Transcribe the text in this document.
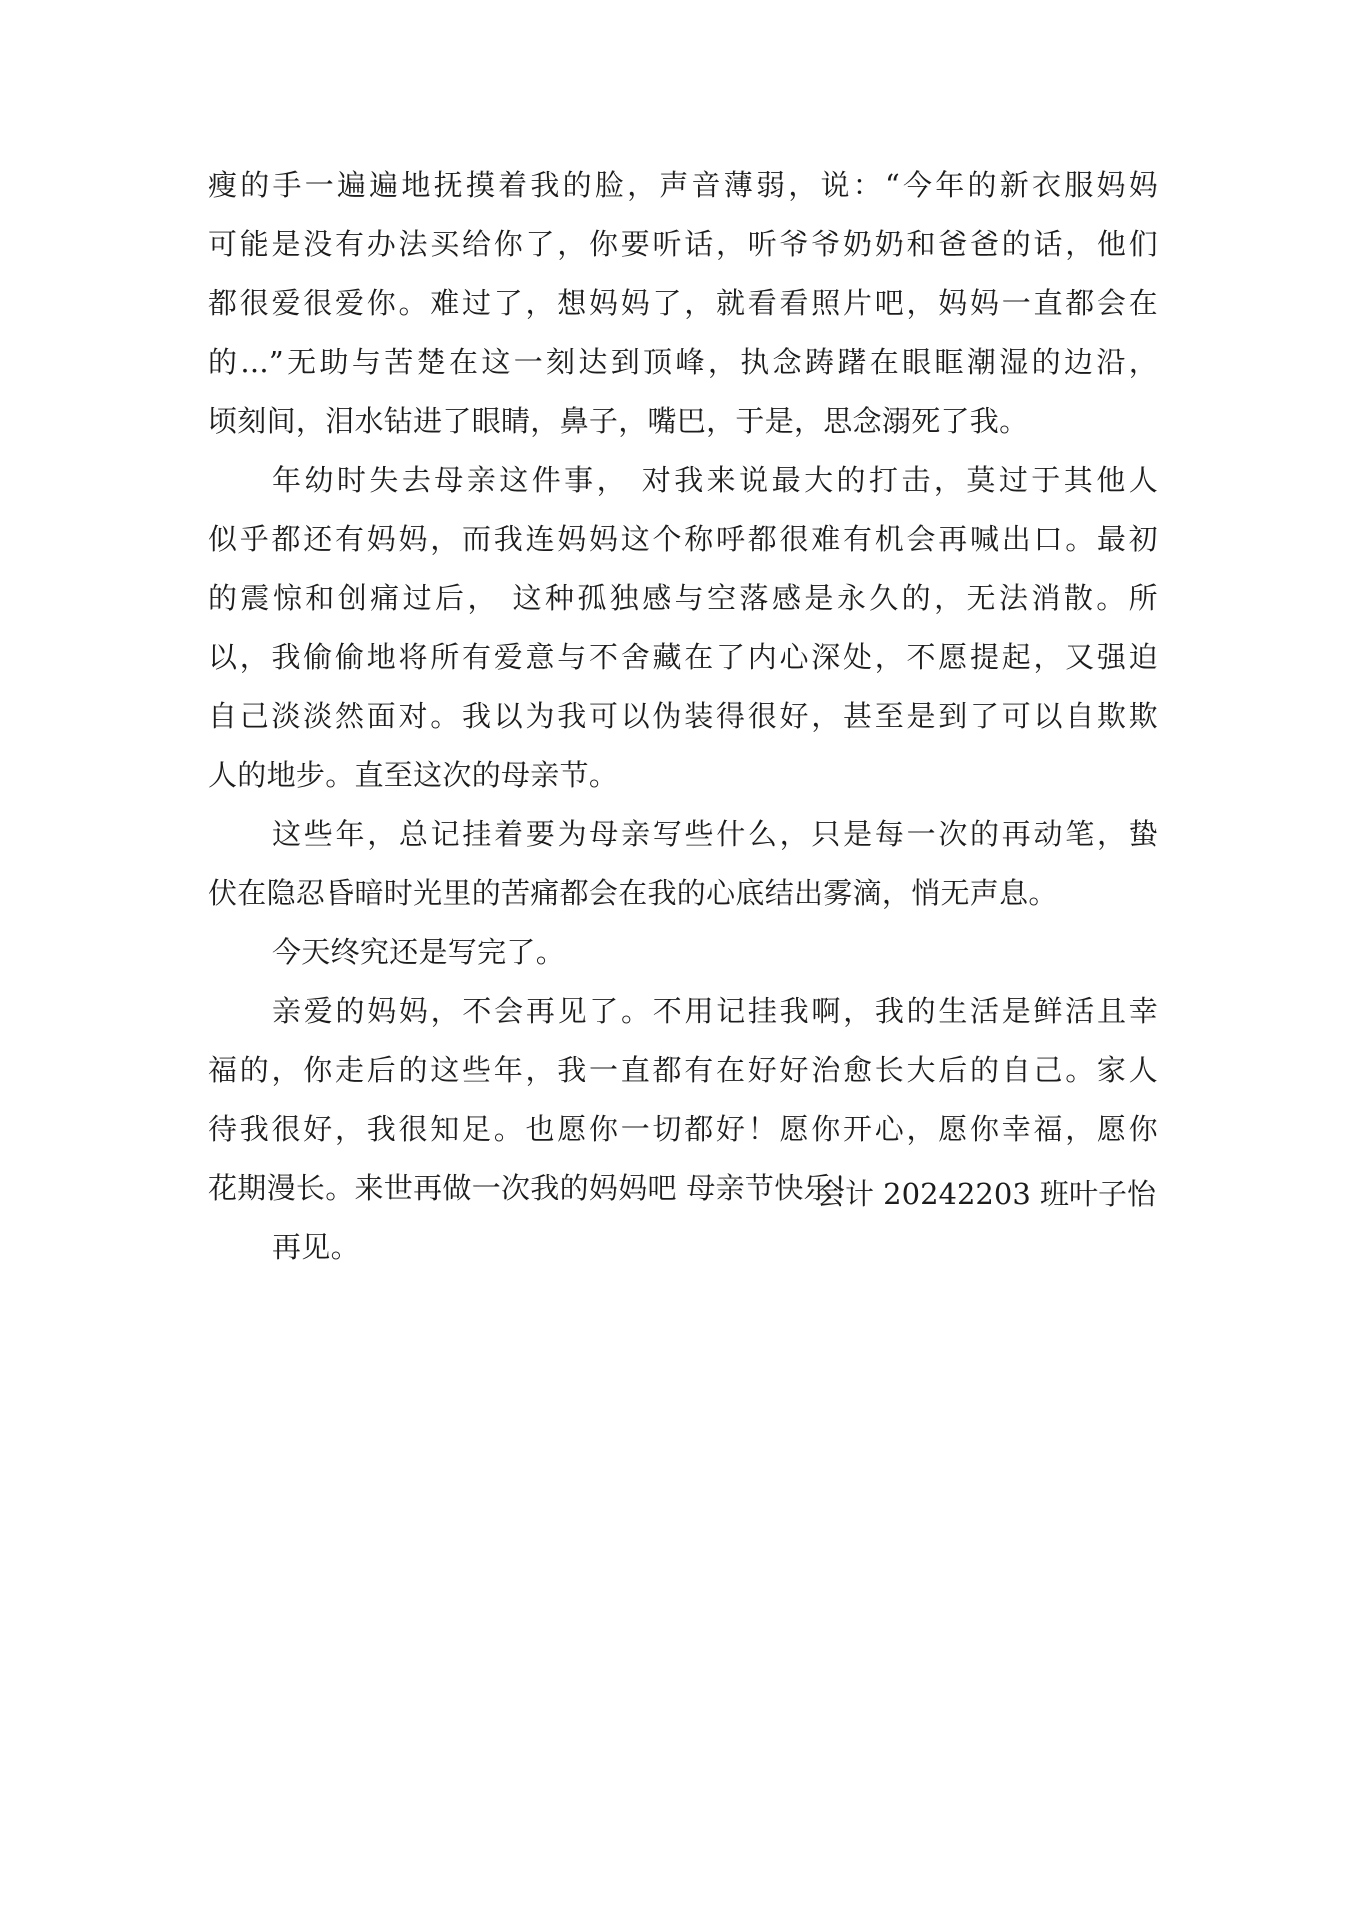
瘦的手一遍遍地抚摸着我的脸，声音薄弱，说：“今年的新衣服妈妈
可能是没有办法买给你了，你要听话，听爷爷奶奶和爸爸的话，他们
都很爱很爱你。难过了，想妈妈了，就看看照片吧，妈妈一直都会在
的...”无助与苦楚在这一刻达到顶峰，执念踌躇在眼眶潮湿的边沿，
顷刻间，泪水钻进了眼睛，鼻子，嘴巴，于是，思念溺死了我。
年幼时失去母亲这件事， 对我来说最大的打击，莫过于其他人
似乎都还有妈妈，而我连妈妈这个称呼都很难有机会再喊出口。最初
的震惊和创痛过后， 这种孤独感与空落感是永久的，无法消散。所
以，我偷偷地将所有爱意与不舍藏在了内心深处，不愿提起，又强迫
自己淡淡然面对。我以为我可以伪装得很好，甚至是到了可以自欺欺
人的地步。直至这次的母亲节。
这些年，总记挂着要为母亲写些什么，只是每一次的再动笔，蛰
伏在隐忍昏暗时光里的苦痛都会在我的心底结出雾滴，悄无声息。
今天终究还是写完了。
亲爱的妈妈，不会再见了。不用记挂我啊，我的生活是鲜活且幸
福的，你走后的这些年，我一直都有在好好治愈长大后的自己。家人
待我很好，我很知足。也愿你一切都好！愿你开心，愿你幸福，愿你
花期漫长。来世再做一次我的妈妈吧 母亲节快乐！
再见。
会计 20242203 班叶子怡
